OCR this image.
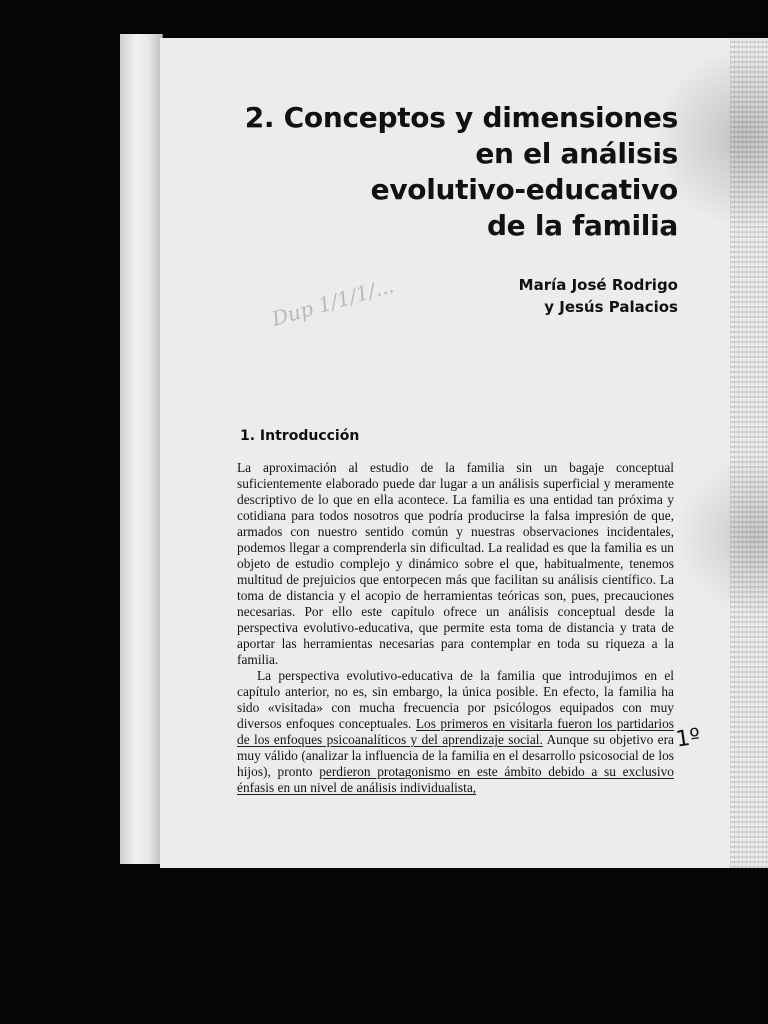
2. Conceptos y dimensiones
en el análisis
evolutivo-educativo
de la familia
María José Rodrigo
y Jesús Palacios
Dup 1/1/1/...
1. Introducción

La aproximación al estudio de la familia sin un bagaje conceptual suficientemente elaborado puede dar lugar a un análisis superficial y meramente descriptivo de lo que en ella acontece. La familia es una entidad tan próxima y cotidiana para todos nosotros que podría producirse la falsa impresión de que, armados con nuestro sentido común y nuestras observaciones incidentales, podemos llegar a comprenderla sin dificultad. La realidad es que la familia es un objeto de estudio complejo y dinámico sobre el que, habitualmente, tenemos multitud de prejuicios que entorpecen más que facilitan su análisis científico. La toma de distancia y el acopio de herramientas teóricas son, pues, precauciones necesarias. Por ello este capítulo ofrece un análisis conceptual desde la perspectiva evolutivo-educativa, que permite esta toma de distancia y trata de aportar las herramientas necesarias para contemplar en toda su riqueza a la familia.

La perspectiva evolutivo-educativa de la familia que introdujimos en el capítulo anterior, no es, sin embargo, la única posible. En efecto, la familia ha sido «visitada» con mucha frecuencia por psicólogos equipados con muy diversos enfoques conceptuales. Los primeros en visitarla fueron los partidarios de los enfoques psicoanalíticos y del aprendizaje social. Aunque su objetivo era muy válido (analizar la influencia de la familia en el desarrollo psicosocial de los hijos), pronto perdieron protagonismo en este ámbito debido a su exclusivo énfasis en un nivel de análisis individualista,

1º
